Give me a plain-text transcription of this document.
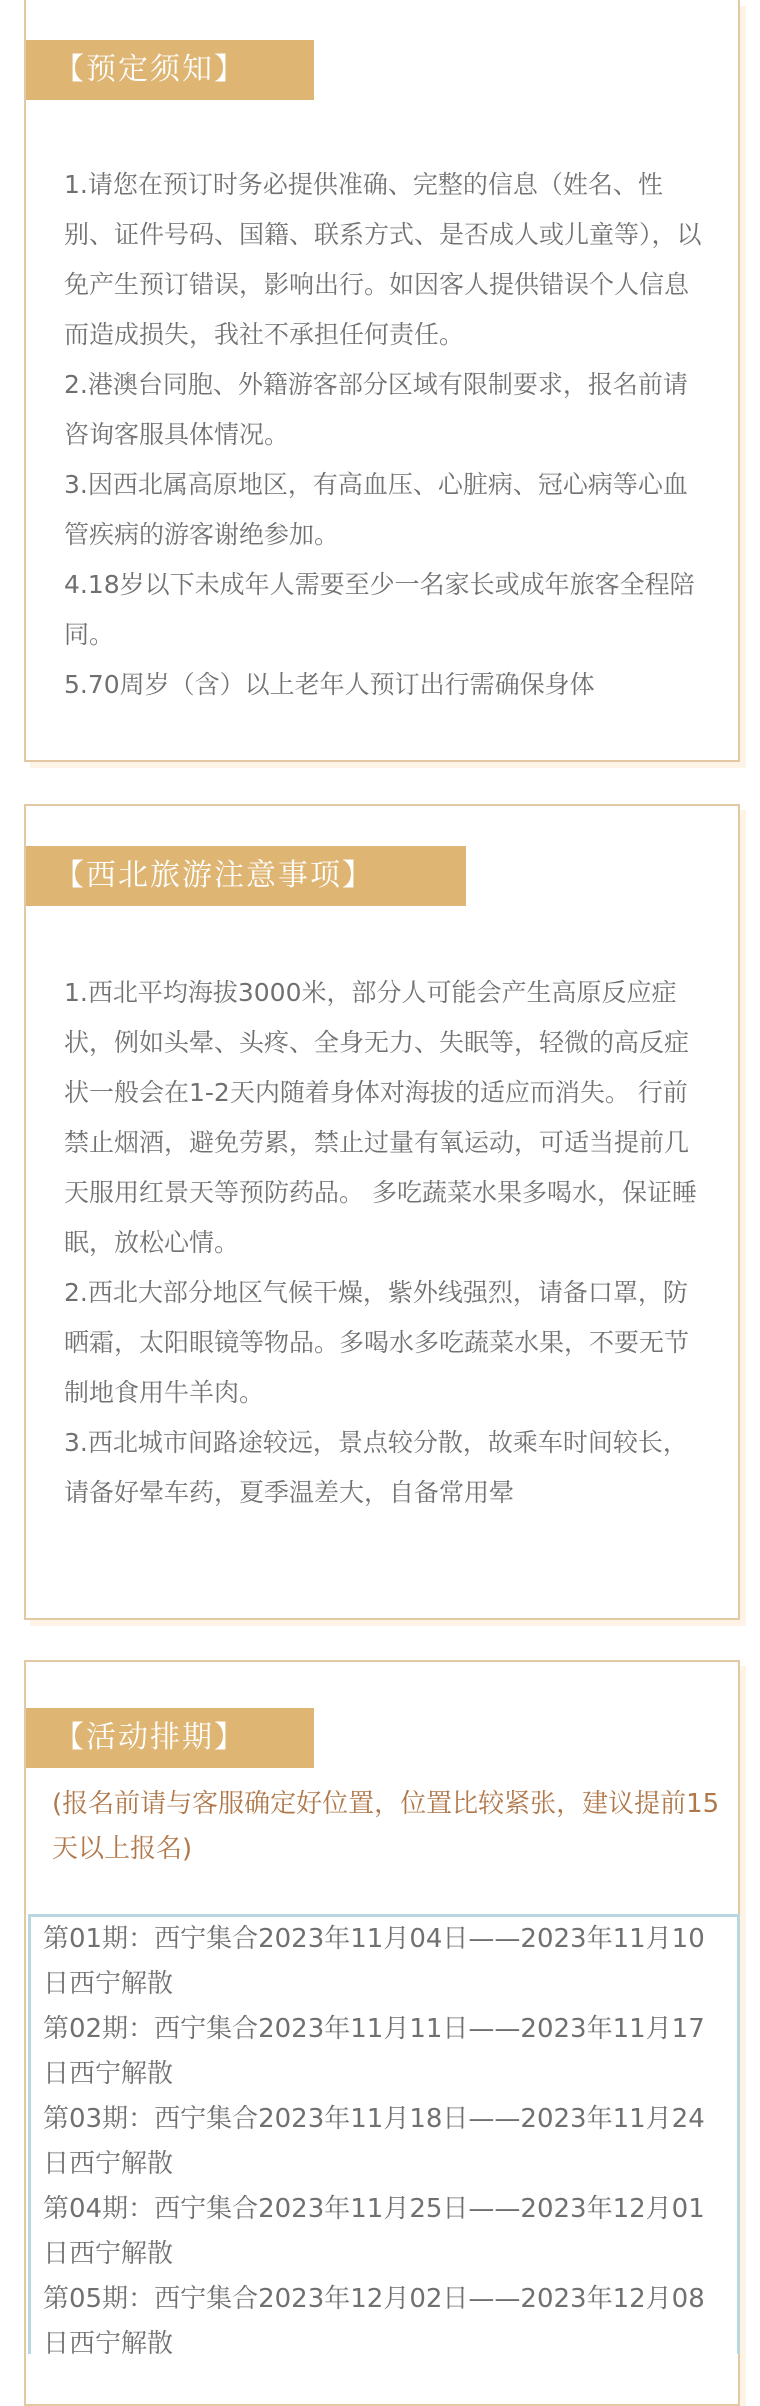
【预定须知】

1.请您在预订时务必提供准确、完整的信息（姓名、性别、证件号码、国籍、联系方式、是否成人或儿童等），以免产生预订错误，影响出行。如因客人提供错误个人信息而造成损失，我社不承担任何责任。

2.港澳台同胞、外籍游客部分区域有限制要求，报名前请咨询客服具体情况。

3.因西北属高原地区，有高血压、心脏病、冠心病等心血管疾病的游客谢绝参加。

4.18岁以下未成年人需要至少一名家长或成年旅客全程陪同。

5.70周岁（含）以上老年人预订出行需确保身体

【西北旅游注意事项】

1.西北平均海拔3000米，部分人可能会产生高原反应症状，例如头晕、头疼、全身无力、失眠等，轻微的高反症状一般会在1-2天内随着身体对海拔的适应而消失。 行前禁止烟酒，避免劳累，禁止过量有氧运动，可适当提前几天服用红景天等预防药品。 多吃蔬菜水果多喝水，保证睡眠，放松心情。

2.西北大部分地区气候干燥，紫外线强烈，请备口罩，防晒霜，太阳眼镜等物品。多喝水多吃蔬菜水果，不要无节制地食用牛羊肉。

3.西北城市间路途较远，景点较分散，故乘车时间较长，请备好晕车药，夏季温差大，自备常用晕

【活动排期】
(报名前请与客服确定好位置，位置比较紧张，建议提前15天以上报名)

第01期：西宁集合2023年11月04日——2023年11月10日西宁解散

第02期：西宁集合2023年11月11日——2023年11月17日西宁解散

第03期：西宁集合2023年11月18日——2023年11月24日西宁解散

第04期：西宁集合2023年11月25日——2023年12月01日西宁解散

第05期：西宁集合2023年12月02日——2023年12月08日西宁解散
